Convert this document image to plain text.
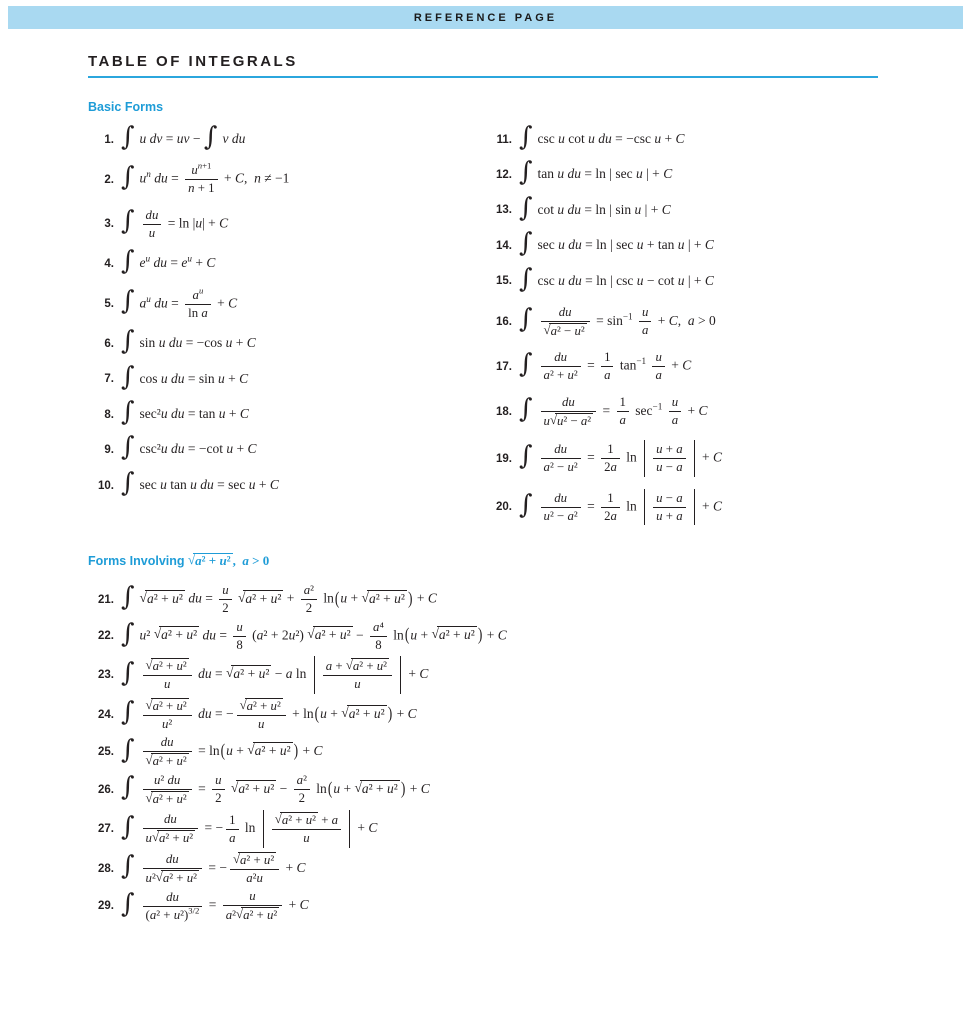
REFERENCE PAGE
TABLE OF INTEGRALS
Basic Forms
1. ∫ u dv = uv − ∫ v du
2. ∫ $u^n$ du = $\frac{u^{n+1}}{n + 1} + C$,  n ≠ −1
3. ∫ $\frac{du}{u} = \ln |u| + C$
4. ∫ $e^u$ du = $e^u + C$
5. ∫ $a^u$ du = $\frac{a^u}{\text{ln a}} + C$
6. ∫ sin u du = −cos u + C
7. ∫ cos u du = sin u + C
8. ∫ sec²u du = tan u + C
9. ∫ csc²u du = −cot u + C
10. ∫ sec u tan u du = sec u + C
11. ∫ csc u cot u du = −csc u + C
12. ∫ tan u du = ln | sec u | + C
13. ∫ cot u du = ln | sin u | + C
14. ∫ sec u du = ln | sec u + tan u | + C
15. ∫ csc u du = ln | csc u − cot u | + C
16. ∫ $\frac{du}{\text{√a² − u²}} = \sin^{-1} \frac{u}{a} + C$,  a > 0
17. ∫ $\frac{du}{\text{a² + u²}} = \frac{1}{a} \tan^{-1} \frac{u}{a} + C$
18. ∫ $\frac{du}{\text{u√u² − a²}} = \frac{1}{a} \sec^{-1} \frac{u}{a} + C$
19. ∫ $\frac{du}{\text{a² − u²}} = \frac{1}{2a}$ $\ln \frac{u + a}{u - a} + C$
20. ∫ $\frac{du}{\text{u² − a²}} = \frac{1}{2a}$ $\ln \frac{u - a}{u + a} + C$
Forms Involving √a² + u² ,  a > 0
21. ∫ √a² + u² du = $\frac{u}{2} √a^2 + u^2 + \frac{\text{a²}}{2} \ln(u + √a^2 + u^2$ ) + C
22. ∫ u² √a² + u² du = $\frac{u}{8} (a^2 + 2u^2) √a^2 + u^2 - \frac{\text{a⁴}}{8} \ln(u + √a^2 + u^2$ ) + C
23. ∫ $\frac{\text{√a² + u²}}{u}$ du = √a² + u² − a $\ln \frac{\text{a + √a² + u²}}{u} + C$
24. ∫ $\frac{\text{√a² + u²}}{\text{u²}}$ du = − $\frac{\text{√a² + u²}}{u} + \ln(u + √a^2 + u^2$ ) + C
25. ∫ $\frac{du}{\text{√a² + u²}} = \ln(u + √a^2 + u^2$ ) + C
26. ∫ $\frac{\text{u² du}}{\text{√a² + u²}} = \frac{u}{2} √a^2 + u^2 - \frac{\text{a²}}{2} \ln(u + √a^2 + u^2$ ) + C
27. ∫ $\frac{du}{\text{u√a² + u²}}$ = − $\frac{1}{a}$ $\ln \frac{\text{√a² + u² + a}}{u} + C$
28. ∫ $\frac{du}{\text{u²√a² + u²}}$ = − $\frac{\text{√a² + u²}}{\text{a²u}} + C$
29. ∫ $\frac{du}{(a^2 + u^2)^{3/2}} = \frac{u}{\text{a²√a² + u²}} + C$
